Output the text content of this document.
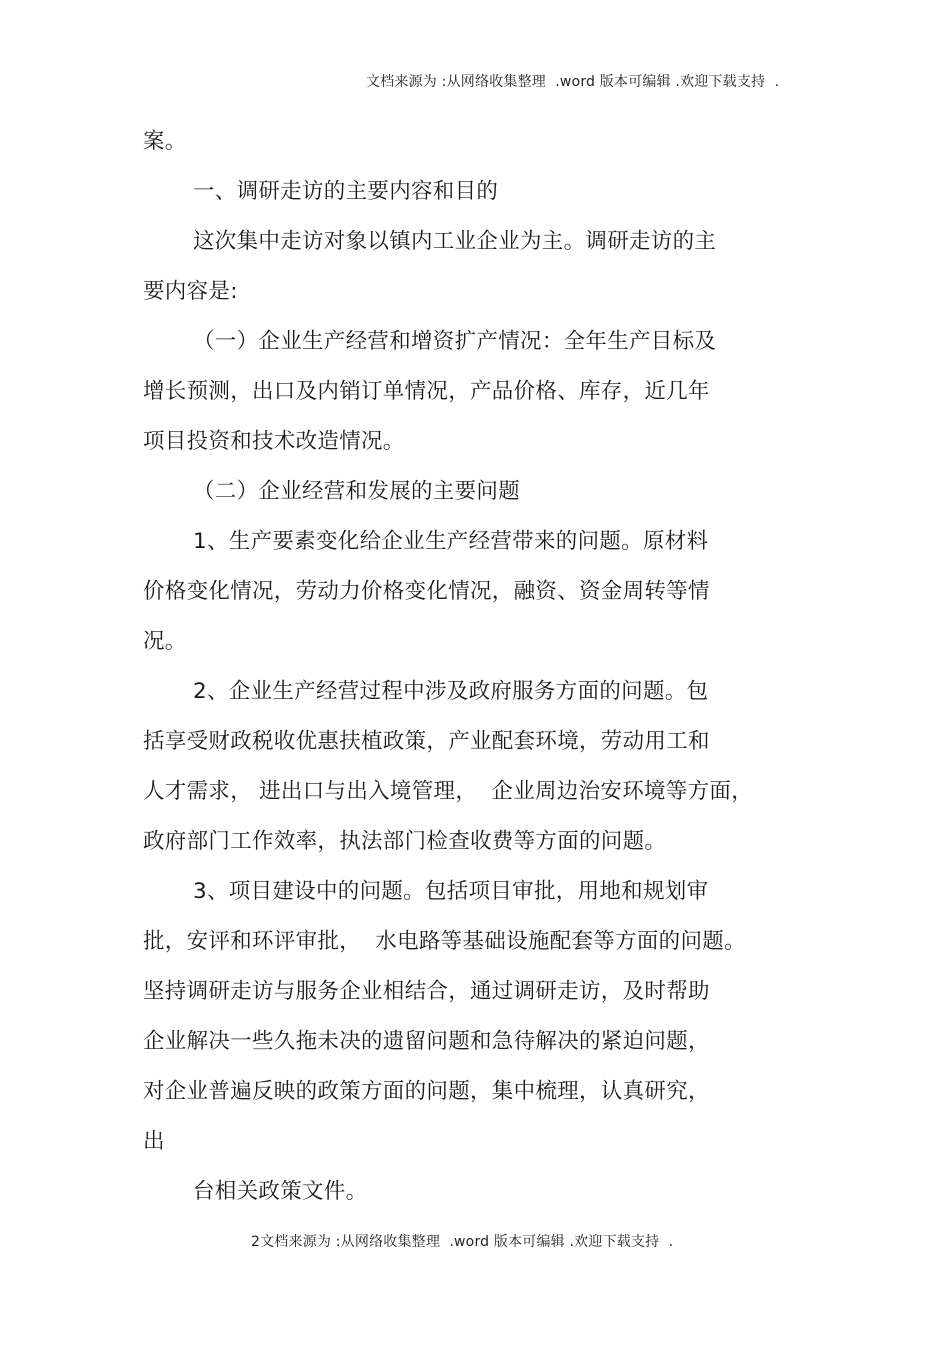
文档来源为 :从网络收集整理  .word 版本可编辑 .欢迎下载支持  .
案。
一、调研走访的主要内容和目的
这次集中走访对象以镇内工业企业为主。调研走访的主
要内容是:
（一）企业生产经营和增资扩产情况：全年生产目标及
增长预测，出口及内销订单情况，产品价格、库存，近几年
项目投资和技术改造情况。
（二）企业经营和发展的主要问题
1、生产要素变化给企业生产经营带来的问题。原材料
价格变化情况，劳动力价格变化情况，融资、资金周转等情
况。
2、企业生产经营过程中涉及政府服务方面的问题。包
括享受财政税收优惠扶植政策，产业配套环境，劳动用工和
人才需求， 进出口与出入境管理，  企业周边治安环境等方面，
政府部门工作效率，执法部门检查收费等方面的问题。
3、项目建设中的问题。包括项目审批，用地和规划审
批，安评和环评审批，  水电路等基础设施配套等方面的问题。
坚持调研走访与服务企业相结合，通过调研走访，及时帮助
企业解决一些久拖未决的遗留问题和急待解决的紧迫问题，
对企业普遍反映的政策方面的问题，集中梳理，认真研究，
出
台相关政策文件。
2文档来源为 :从网络收集整理  .word 版本可编辑 .欢迎下载支持  .
